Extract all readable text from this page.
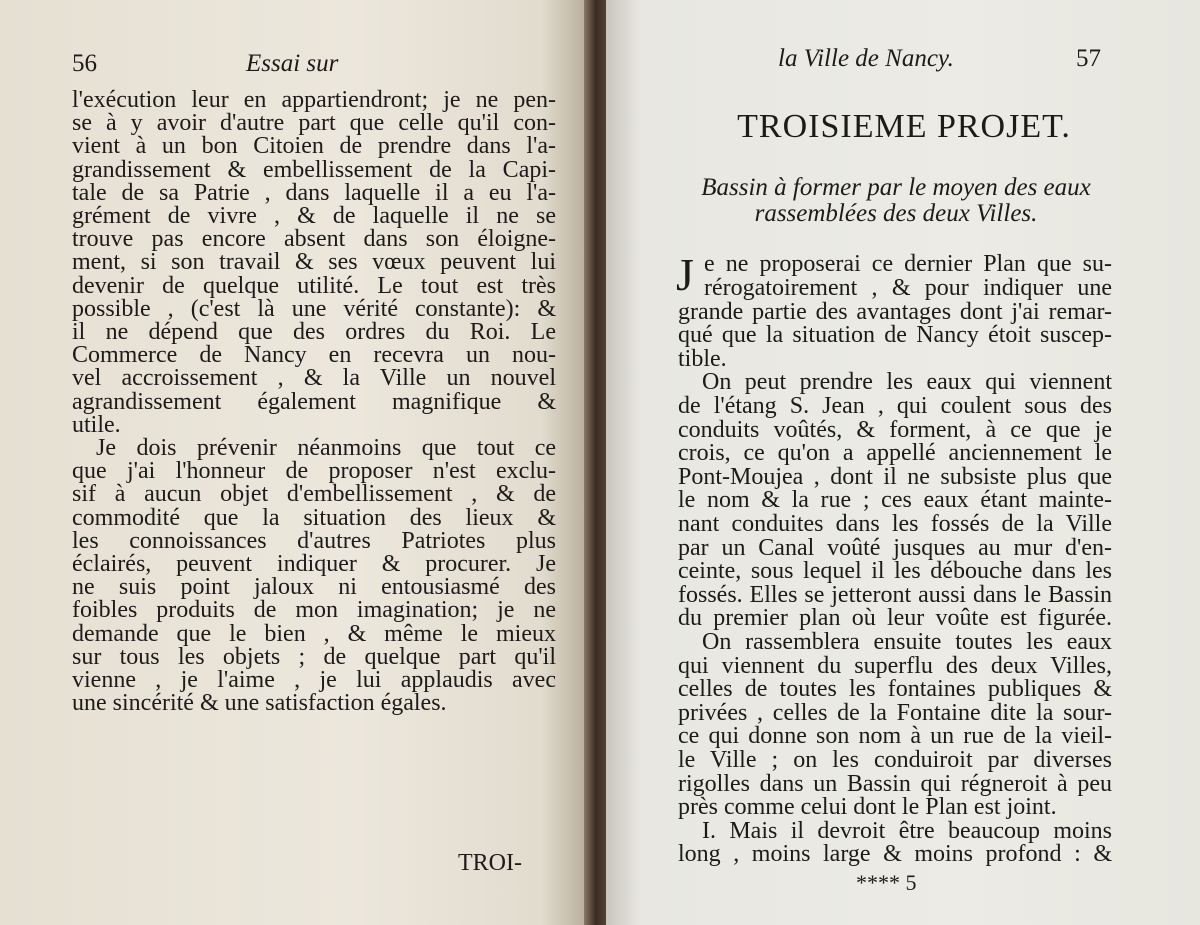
56	Essai sur
l'exécution leur en appartiendront; je ne pen-
se à y avoir d'autre part que celle qu'il con-
vient à un bon Citoien de prendre dans l'a-
grandissement & embellissement de la Capi-
tale de sa Patrie , dans laquelle il a eu l'a-
grément de vivre , & de laquelle il ne se
trouve pas encore absent dans son éloigne-
ment, si son travail & ses vœux peuvent lui
devenir de quelque utilité. Le tout est très
possible , (c'est là une vérité constante): &
il ne dépend que des ordres du Roi. Le
Commerce de Nancy en recevra un nou-
vel accroissement , & la Ville un nouvel
agrandissement également magnifique &
utile.
Je dois prévenir néanmoins que tout ce
que j'ai l'honneur de proposer n'est exclu-
sif à aucun objet d'embellissement , & de
commodité que la situation des lieux &
les connoissances d'autres Patriotes plus
éclairés, peuvent indiquer & procurer. Je
ne suis point jaloux ni entousiasmé des
foibles produits de mon imagination; je ne
demande que le bien , & même le mieux
sur tous les objets ; de quelque part qu'il
vienne , je l'aime , je lui applaudis avec
une sincérité & une satisfaction égales.
TROI-
la Ville de Nancy.	57
TROISIEME PROJET.
Bassin à former par le moyen des eaux
rassemblées des deux Villes.
J e ne proposerai ce dernier Plan que su-
rérogatoirement , & pour indiquer une
grande partie des avantages dont j'ai remar-
qué que la situation de Nancy étoit suscep-
tible.
On peut prendre les eaux qui viennent
de l'étang S. Jean , qui coulent sous des
conduits voûtés, & forment, à ce que je
crois, ce qu'on a appellé anciennement le
Pont-Moujea , dont il ne subsiste plus que
le nom & la rue ; ces eaux étant mainte-
nant conduites dans les fossés de la Ville
par un Canal voûté jusques au mur d'en-
ceinte, sous lequel il les débouche dans les
fossés. Elles se jetteront aussi dans le Bassin
du premier plan où leur voûte est figurée.
On rassemblera ensuite toutes les eaux
qui viennent du superflu des deux Villes,
celles de toutes les fontaines publiques &
privées , celles de la Fontaine dite la sour-
ce qui donne son nom à un rue de la vieil-
le Ville ; on les conduiroit par diverses
rigolles dans un Bassin qui régneroit à peu
près comme celui dont le Plan est joint.
I. Mais il devroit être beaucoup moins
long , moins large & moins profond : &
**** 5
